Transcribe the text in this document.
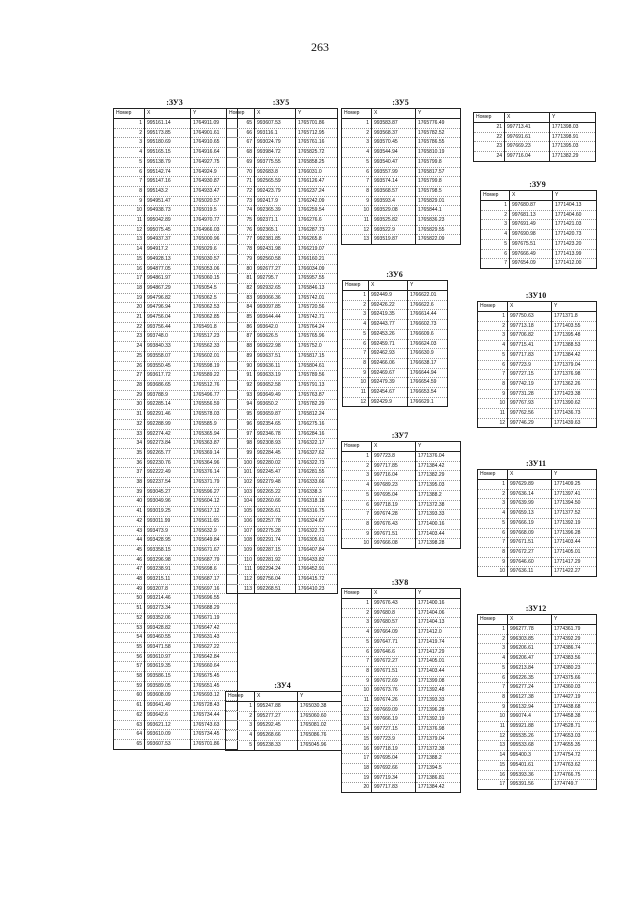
263
:ЗУ3
Номер	X	Y
1	995161.14	1764911.09
2	995173.85	1764901.61
3	995180.69	1764910.65
4	995165.15	1764916.64
5	995138.79	1764927.75
6	995142.74	1764924.9
7	995147.16	1764930.87
8	995143.2	1764933.47
9	994951.47	1765020.57
10	994938.73	1765019.5
11	995042.89	1764970.77
12	995075.45	1764966.03
13	994937.37	1765000.96
14	994917.2	1765029.6
15	994928.13	1765030.57
16	994877.05	1765053.06
17	994861.97	1765060.15
18	994867.29	1765054.5
19	994796.82	1765062.5
20	994796.94	1765062.53
21	994756.04	1765062.85
22	993756.44	1765491.8
23	993748.0	1765517.23
24	993840.33	1765562.33
25	993558.07	1765602.01
26	993550.45	1765598.19
27	993617.72	1765589.22
28	993686.65	1765512.76
29	993788.9	1765496.77
30	992285.14	1765556.59
31	992291.46	1765578.03
32	992288.99	1765585.9
33	992274.42	1765365.94
34	992273.84	1765363.87
35	992265.77	1765369.14
36	992230.76	1765364.96
37	992222.49	1765376.14
38	992237.54	1765371.79
39	993045.27	1765596.27
40	993049.96	1765604.12
41	993019.25	1765617.12
42	993011.99	1765611.65
43	993473.9	1765632.9
44	993428.95	1765649.84
45	993358.15	1765671.67
46	993296.98	1765687.79
47	993238.91	1765698.6
48	993215.11	1765687.17
49	993207.8	1765697.16
50	993214.46	1765696.55
51	993273.34	1765688.29
52	993352.06	1765671.19
53	993428.82	1765647.42
54	993460.55	1765631.43
55	993471.58	1765627.22
56	993610.97	1765642.84
57	993619.35	1765660.64
58	993586.15	1765675.45
59	993589.05	1765651.45
60	993608.09	1765693.12
61	993641.49	1765728.43
62	993642.6	1765734.44
63	993621.12	1765743.63
64	993610.09	1765734.45
65	993607.53	1765701.86
:ЗУ5
Номер	X	Y
65	993607.53	1765701.86
66	993116.1	1765712.95
67	993024.79	1765761.16
68	993984.72	1765825.72
69	993775.55	1765858.25
70	992683.8	1766031.0
71	992565.59	1766126.47
72	992423.79	1766237.24
73	992417.9	1766242.09
74	992365.39	1766259.54
75	992371.1	1766276.6
76	992365.1	1766287.73
77	992381.85	1766265.8
78	992431.98	1766219.07
79	992560.58	1766160.21
80	992677.27	1766034.09
81	992795.7	1765957.55
82	992932.65	1765846.13
83	993066.36	1765742.01
84	993097.85	1765720.56
85	993644.44	1765742.71
86	993642.0	1765764.24
87	993626.5	1765765.96
88	993622.98	1765752.0
89	993637.51	1765817.15
90	993636.11	1765804.61
91	993633.19	1765789.56
92	993652.58	1765791.13
93	993649.49	1765763.87
94	993650.2	1765782.29
95	993659.87	1765812.24
96	992354.65	1766275.16
97	992346.78	1766284.16
98	992308.93	1766322.17
99	992284.45	1766327.62
100	992280.02	1766322.73
101	992245.47	1766281.55
102	992279.48	1766333.66
103	992265.22	1766338.3
104	992260.66	1766318.18
105	992265.61	1766316.75
106	992257.78	1766324.67
107	992275.28	1766322.73
108	992291.74	1766305.61
109	992287.15	1766407.84
110	992281.92	1766433.82
111	992294.24	1766452.91
112	992756.04	1766415.72
113	992268.51	1766410.23
:ЗУ5
Номер	X	Y
1	993583.87	1765776.49
2	993568.37	1765782.52
3	993570.45	1765786.55
4	993544.94	1765810.19
5	993540.47	1765799.8
6	993557.99	1765817.57
7	993574.14	1765799.8
8	993568.57	1765798.5
9	993593.4	1765829.01
10	993529.08	1765844.1
11	993525.82	1765836.23
12	993522.9	1765829.55
13	993519.87	1765822.09
Номер	X	Y
21	997713.41	1771398.03
22	997691.61	1771398.91
23	997669.23	1771395.03
24	997716.04	1771382.29
:ЗУ9
Номер	X	Y
1	997680.87	1771404.13
2	997681.13	1771404.60
3	997691.49	1771421.03
4	997690.98	1771420.73
5	997675.51	1771423.20
6	997666.49	1771413.99
7	997654.09	1771412.00
:ЗУ6
Номер	X	Y
1	992449.9	1766622.01
2	992426.22	1766622.6
3	992419.35	1766614.44
4	992443.77	1766602.73
5	992453.26	1766609.6
6	992459.71	1766624.03
7	992462.93	1766630.9
8	992466.06	1766638.17
9	992469.67	1766644.94
10	992479.39	1766654.59
11	992454.67	1766653.54
12	992429.9	1766629.1
:ЗУ10
Номер	X	Y
1	997750.63	1771371.8
2	997713.18	1771403.55
3	997706.82	1771395.48
4	997715.41	1771388.53
5	997717.83	1771384.42
6	997723.9	1771379.04
7	997727.15	1771376.98
8	997742.19	1771362.26
9	997731.28	1771423.38
10	997767.93	1771390.62
11	997762.56	1771436.73
12	997746.29	1771439.63
:ЗУ7
Номер	X	Y
1	997723.8	1771376.04
2	997717.85	1771384.42
3	997716.04	1771382.29
4	997689.23	1771395.03
5	997695.04	1771388.2
6	997718.19	1771372.38
7	997674.28	1771393.33
8	997676.43	1771400.16
9	997671.51	1771403.44
10	997666.08	1771398.28
:ЗУ11
Номер	X	Y
1	997629.89	1771409.25
2	997636.14	1771397.41
3	997639.99	1771394.50
4	997659.13	1771377.52
5	997666.19	1771392.19
6	997668.09	1771396.28
7	997671.51	1771403.44
8	997672.27	1771405.01
9	997646.60	1771417.29
10	997636.11	1771422.27
:ЗУ8
Номер	X	Y
1	997676.43	1771400.16
2	997680.8	1771404.06
3	997680.57	1771404.13
4	997664.09	1771412.0
5	997647.71	1771419.74
6	997646.6	1771417.29
7	997672.27	1771405.01
8	997671.51	1771403.44
9	997672.69	1771399.08
10	997673.76	1771392.48
11	997674.26	1771393.33
12	997669.09	1771396.28
13	997666.19	1771392.19
14	997727.15	1771376.98
15	997723.9	1771379.04
16	997718.19	1771372.38
17	997695.04	1771388.2
18	997692.66	1771394.5
19	997719.34	1771386.81
20	997717.83	1771384.42
:ЗУ12
Номер	X	Y
1	996277.78	1774361.79
2	996303.85	1774392.29
3	996206.61	1774386.74
4	996206.47	1774383.56
5	996213.84	1774380.23
6	996226.35	1774375.66
7	996277.24	1774360.03
8	996127.38	1774427.19
9	996132.94	1774438.68
10	996074.4	1774458.38
11	995921.88	1774528.71
12	995535.26	1774653.03
13	995533.68	1774655.35
14	995400.3	1774754.72
15	995401.61	1774763.62
16	995393.36	1774766.75
17	995391.56	1774749.7
:ЗУ4
Номер	X	Y
1	995247.88	1765030.38
2	995277.27	1765060.60
3	995292.45	1765081.02
4	995268.66	1765086.76
5	995238.33	1765045.96
